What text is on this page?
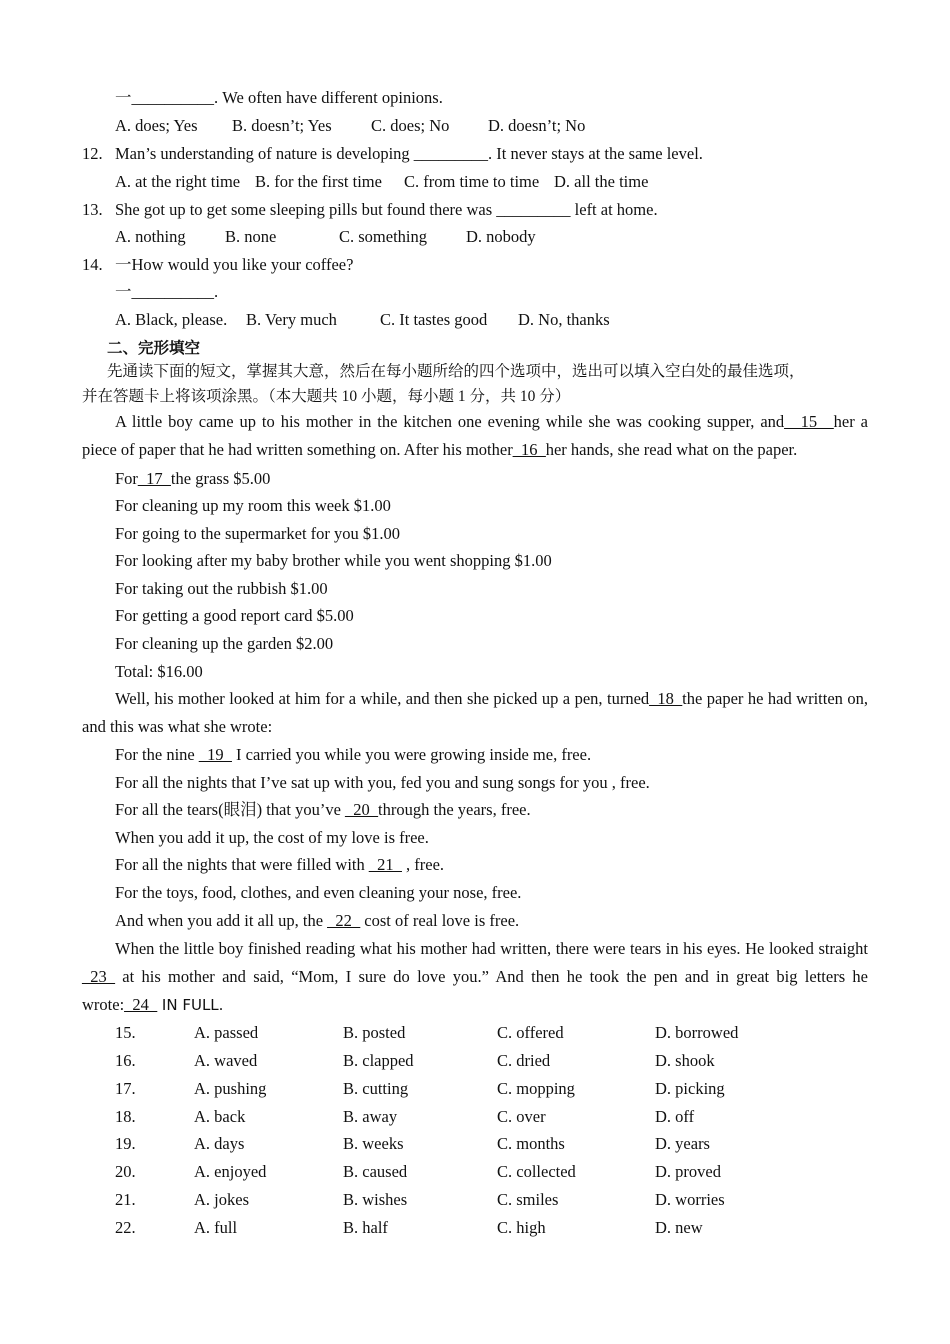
一__________. We often have different opinions.
A. does; Yes B. doesn’t; Yes C. does; No D. doesn’t; No
12. Man’s understanding of nature is developing _________. It never stays at the same level.
A. at the right time B. for the first time C. from time to time D. all the time
13. She got up to get some sleeping pills but found there was _________ left at home.
A. nothing B. none	C. something D. nobody
14. 一How would you like your coffee?
一__________.
A. Black, please. B. Very much	C. It tastes good D. No, thanks
二、完形填空
先通读下面的短文，掌握其大意，然后在每小题所给的四个选项中，选出可以填入空白处的最佳选项，
并在答题卡上将该项涂黑。（本大题共 10 小题，每小题 1 分，共 10 分）
A little boy came up to his mother in the kitchen one evening while she was cooking supper, and__15__her a piece of paper that he had written something on. After his mother_16_her hands, she read what on the paper.
For_17_the grass $5.00
For cleaning up my room this week $1.00
For going to the supermarket for you $1.00
For looking after my baby brother while you went shopping $1.00
For taking out the rubbish $1.00
For getting a good report card $5.00
For cleaning up the garden $2.00
Total: $16.00
Well, his mother looked at him for a while, and then she picked up a pen, turned_18_the paper he had written on, and this was what she wrote:
For the nine _19_ I carried you while you were growing inside me, free.
For all the nights that I’ve sat up with you, fed you and sung songs for you , free.
For all the tears(眼泪) that you’ve _20_through the years, free.
When you add it up, the cost of my love is free.
For all the nights that were filled with _21_ , free.
For the toys, food, clothes, and even cleaning your nose, free.
And when you add it all up, the _22_ cost of real love is free.
When the little boy finished reading what his mother had written, there were tears in his eyes. He looked straight _23_ at his mother and said, “Mom, I sure do love you.” And then he took the pen and in great big letters he wrote:_24_ IN FULL.
15.	A. passed	B. posted	C. offered	D. borrowed
16.	A. waved	B. clapped	C. dried	D. shook
17.	A. pushing	B. cutting	C. mopping	D. picking
18.	A. back	B. away	C. over	D. off
19.	A. days	B. weeks	C. months	D. years
20.	A. enjoyed	B. caused	C. collected	D. proved
21.	A. jokes	B. wishes	C. smiles	D. worries
22.	A. full	B. half	C. high	D. new
